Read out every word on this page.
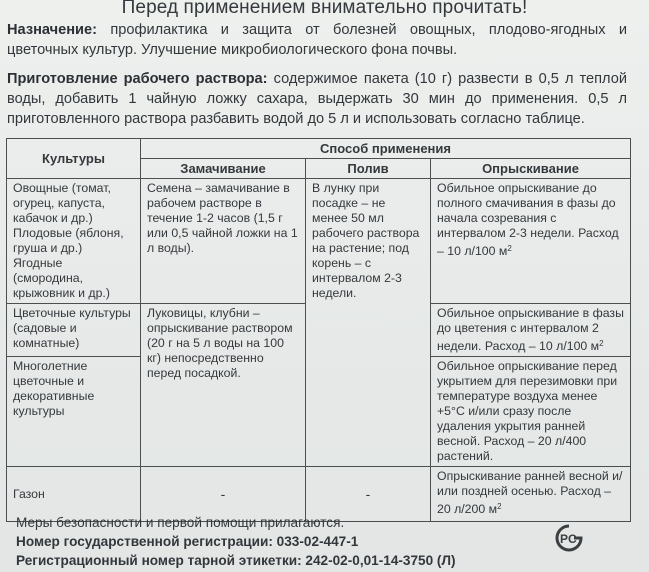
Перед применением внимательно прочитать!
Назначение: профилактика и защита от болезней овощных, плодово-ягодных и цветочных культур. Улучшение микробиологического фона почвы.
Приготовление рабочего раствора: содержимое пакета (10 г) развести в 0,5 л теплой воды, добавить 1 чайную ложку сахара, выдержать 30 мин до применения. 0,5 л приготовленного раствора разбавить водой до 5 л и использовать согласно таблице.
Культуры	Способ применения		
	Замачивание	Полив	Опрыскивание
Овощные (томат, огурец, капуста, кабачок и др.) Плодовые (яблоня, груша и др.) Ягодные (смородина, крыжовник и др.)	Семена – замачивание в рабочем растворе в течение 1-2 часов (1,5 г или 0,5 чайной ложки на 1 л воды).	В лунку при посадке – не менее 50 мл рабочего раствора на растение; под корень – с интервалом 2-3 недели.	Обильное опрыскивание до полного смачивания в фазы до начала созревания с интервалом 2-3 недели. Расход – 10 л/100 $м^2$
Цветочные культуры (садовые и комнатные)	Луковицы, клубни – опрыскивание раствором (20 г на 5 л воды на 100 кг) непосредственно перед посадкой.		Обильное опрыскивание в фазы до цветения с интервалом 2 недели. Расход – 10 л/100 $м^2$
Многолетние цветочные и декоративные культуры			Обильное опрыскивание перед укрытием для перезимовки при температуре воздуха менее +5°С и/или сразу после удаления укрытия ранней весной. Расход – 20 л/400 растений.
Газон	-	-	Опрыскивание ранней весной и/или поздней осенью. Расход – 20 л/200 $м^2$
Меры безопасности и первой помощи прилагаются.
Номер государственной регистрации: 033-02-447-1
Регистрационный номер тарной этикетки: 242-02-0,01-14-3750 (Л)
PC
